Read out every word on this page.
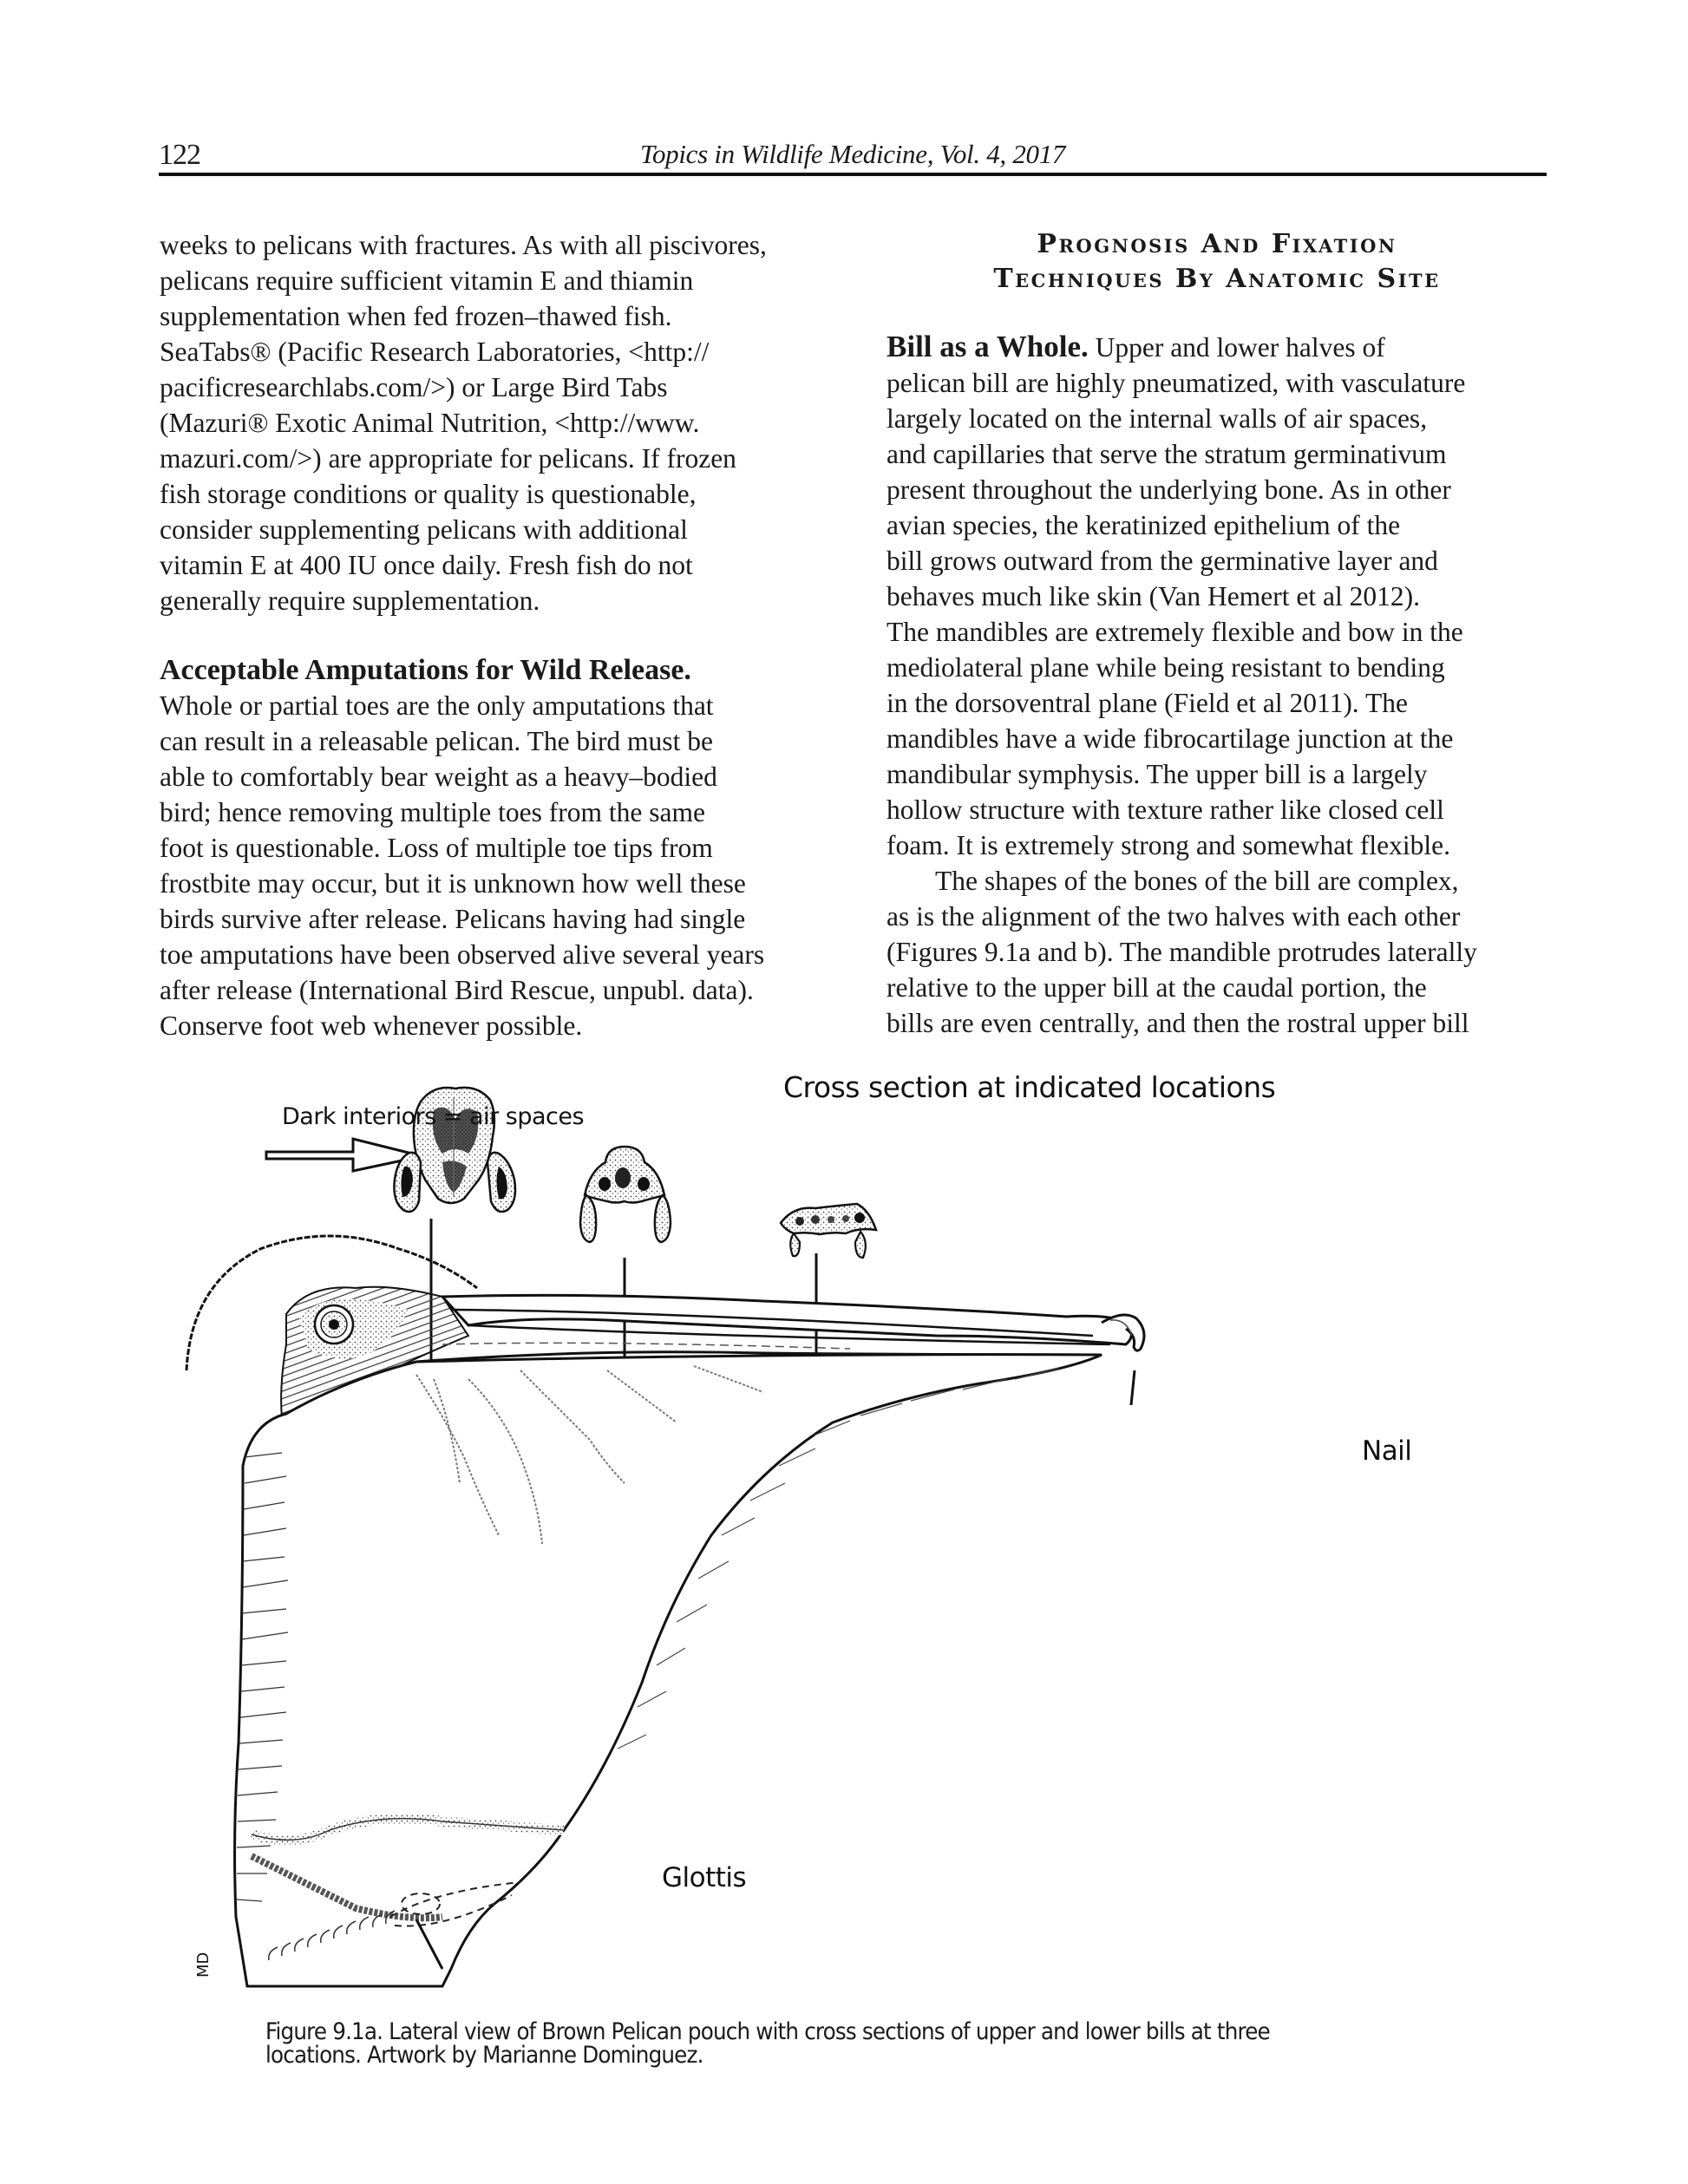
122	Topics in Wildlife Medicine, Vol. 4, 2017

weeks to pelicans with fractures. As with all piscivores,
pelicans require sufficient vitamin E and thiamin
supplementation when fed frozen–thawed fish.
SeaTabs® (Pacific Research Laboratories, <http://
pacificresearchlabs.com/>) or Large Bird Tabs
(Mazuri® Exotic Animal Nutrition, <http://www.
mazuri.com/>) are appropriate for pelicans. If frozen
fish storage conditions or quality is questionable,
consider supplementing pelicans with additional
vitamin E at 400 IU once daily. Fresh fish do not
generally require supplementation.

Acceptable Amputations for Wild Release.
Whole or partial toes are the only amputations that
can result in a releasable pelican. The bird must be
able to comfortably bear weight as a heavy–bodied
bird; hence removing multiple toes from the same
foot is questionable. Loss of multiple toe tips from
frostbite may occur, but it is unknown how well these
birds survive after release. Pelicans having had single
toe amputations have been observed alive several years
after release (International Bird Rescue, unpubl. data).
Conserve foot web whenever possible.

Prognosis And Fixation
Techniques By Anatomic Site

Bill as a Whole. Upper and lower halves of
pelican bill are highly pneumatized, with vasculature
largely located on the internal walls of air spaces,
and capillaries that serve the stratum germinativum
present throughout the underlying bone. As in other
avian species, the keratinized epithelium of the
bill grows outward from the germinative layer and
behaves much like skin (Van Hemert et al 2012).
The mandibles are extremely flexible and bow in the
mediolateral plane while being resistant to bending
in the dorsoventral plane (Field et al 2011). The
mandibles have a wide fibrocartilage junction at the
mandibular symphysis. The upper bill is a largely
hollow structure with texture rather like closed cell
foam. It is extremely strong and somewhat flexible.

The shapes of the bones of the bill are complex,
as is the alignment of the two halves with each other
(Figures 9.1a and b). The mandible protrudes laterally
relative to the upper bill at the caudal portion, the
bills are even centrally, and then the rostral upper bill

MD
Cross section at indicated locations
Dark interiors = air spaces
Nail
Glottis
Figure 9.1a. Lateral view of Brown Pelican pouch with cross sections of upper and lower bills at three
locations. Artwork by Marianne Dominguez.
